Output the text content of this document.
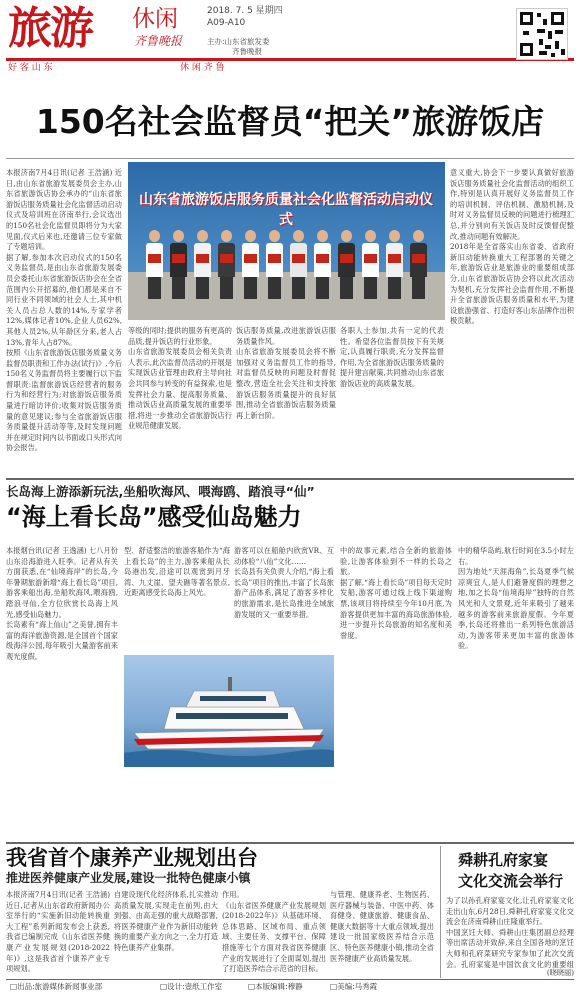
旅游 休闲
齐鲁晚报
2018. 7. 5 星期四
A09-A10
主办:山东省旅发委
齐鲁晚报
好 客 山 东	休 闲 齐 鲁
150名社会监督员“把关”旅游饭店
山东省旅游饭店服务质量社会化监督活动启动仪式
本报济南7月4日讯(记者 王浩涵) 近日,由山东省旅游发展委员会主办,山东省旅游饭店协会承办的“山东省旅游饭店服务质量社会化监督活动启动仪式及培训班在济南举行,会议选出的150名社会化监督员即将分为大家见面,仪式后来也,还邀请三位专家做了专题培训。
据了解,参加本次启动仪式的150名义务监督员,是由山东省旅游发展委员会委托山东省旅游饭店协会在全省范围内公开招募的,他们都是来自不同行业不同领域的社会人士,其中机关人员占总人数的14%,专家学者12%,媒体记者10%,企业人员62%,其他人员2%,从年龄区分来,老人占13%,青年人占87%。
按照《山东省旅游饭店服务质量义务监督员职责和工作办法(试行)》,今后150名义务监督员将主要履行以下监督职责:监督旅游饭店经营者的服务行为和经营行为;对旅游饭店服务质量进行暗访评价;收集对饭店服务质量的意见建议;参与全省旅游饭店服务质量提升活动等等,及时发现问题并在规定时间内以书面或口头形式向协会报告。
等级的同时;提供的服务有更高的品质,提升饭店的行业形象。
山东省旅游发展委员会相关负责人表示,此次监督员活动的开展是实现饭店业管理由政府主导向社会共同参与转变的有益探索,也是发挥社会力量、提高服务质量、推动饭店业高质量发展的重要举措,将进一步推动全省旅游饭店行业规范健康发展。
饭店服务质量,改进旅游饭店服务质量作风。
山东省旅游发展委员会将不断加强对义务监督员工作的指导,对监督员反映的问题及时督促整改,营造全社会关注和支持旅游饭店服务质量提升的良好氛围,推动全省旅游饭店服务质量再上新台阶。
各职人士参加,共有一定的代表性。希望各位监督员按下有关规定,认真履行职责,充分发挥监督作用,为全省旅游饭店服务质量的提升建言献策,共同推动山东省旅游饭店业的高质量发展。
意义重大,协会下一步要认真做好旅游饭店服务质量社会化监督活动的组织工作,特别是认真开展好义务监督员工作的培训机制、评估机制、激励机制,及时对义务监督员反映的问题进行梳理汇总,并分别向有关饭店及时反馈督促整改,推动问题有效解决。
2018年是全省落实山东省委、省政府新旧动能转换重大工程部署的关键之年,旅游饭店业是旅游业的重要组成部分,山东省旅游饭店协会将以此次活动为契机,充分发挥社会监督作用,不断提升全省旅游饭店服务质量和水平,为建设旅游强省、打造好客山东品牌作出积极贡献。
长岛海上游添新玩法,坐船吹海风、喂海鸥、踏浪寻“仙”
“海上看长岛”感受仙岛魅力
本报烟台讯(记者 王逸涵) 七八月份山东沿海游进入旺季。记者从有关方面获悉,在“仙境海岸”的长岛,今年暑期旅游新增“海上看长岛”项目,游客乘船出海,坐船吹海风,喂海鸥,踏浪寻仙,全方位欣赏长岛海上风光,感受仙岛魅力。
长岛素有“海上仙山”之美誉,拥有丰富的海洋旅游资源,是全国首个国家级海洋公园,每年吸引大量游客前来观光度假。
型、舒适整洁的旅游客船作为“海上看长岛”的主力,游客乘船从长岛港出发,沿途可以观赏到月牙湾、九丈崖、望夫礁等著名景点,近距离感受长岛海上风光。
游客可以在船舱内欣赏VR、互动体验“八仙”文化……
长岛县有关负责人介绍,“海上看长岛”项目的推出,丰富了长岛旅游产品体系,满足了游客多样化的旅游需求,是长岛推进全域旅游发展的又一重要举措。
中的故事元素,结合全新的旅游体验,让游客体验到不一样的长岛之旅。
据了解,“海上看长岛”项目每天定时发船,游客可通过线上线下渠道购票,该项目将持续至今年10月底,为游客提供更加丰富的海岛旅游体验,进一步提升长岛旅游的知名度和美誉度。
中的精华岛屿,航行时间在3.5小时左右。
因为地处“天涯海角”,长岛夏季气候凉爽宜人,是人们避暑度假的理想之地,加之长岛“仙境海岸”独特的自然风光和人文景观,近年来吸引了越来越多的游客前来旅游度假。今年夏季,长岛还将推出一系列特色旅游活动,为游客带来更加丰富的旅游体验。
我省首个康养产业规划出台
推进医养健康产业发展,建设一批特色健康小镇
本报济南7月4日讯(记者 王浩涵) 近日,记者从山东省政府新闻办公室举行的“实施新旧动能转换重大工程”系列新闻发布会上获悉,我省已编制完成《山东省医养健康产业发展规划(2018-2022年)》,这是我省首个康养产业专项规划。
自建设现代化经济体系,扎实推动高质量发展,实现走在前列,由大到强、由高走强的重大战略部署,将医养健康产业作为新旧动能转换的重要产业方向之一,全力打造特色康养产业集群。
作用。
《山东省医养健康产业发展规划(2018-2022年)》从基础环境、总体思路、区域布局、重点领域、主要任务、支撑平台、保障措施等七个方面对我省医养健康产业的发展进行了全面谋划,提出了打造医养结合示范省的目标。
与管理、健康养老、生物医药、医疗器械与装备、中医中药、体育健身、健康旅游、健康食品、健康大数据等十大重点领域,提出建设一批国家级医养结合示范区、特色医养健康小镇,推动全省医养健康产业高质量发展。
舜耕孔府家宴
文化交流会举行
为了以孙孔府家宴文化,让孔府家宴文化走出山东,6月28日,舜耕孔府家宴文化交流会在济南舜耕山庄隆重举行。
中国烹饪大师、舜耕山庄集团副总经理等出席活动并致辞,来自全国各地的烹饪大师和孔府菜研究专家参加了此次交流会。孔府家宴是中国饮食文化的重要组
(晓晓丽)
□出品:旅游媒体新闻事业部	□设计:壹纸工作室	□本版编辑:穆静	□美编:马秀霞
